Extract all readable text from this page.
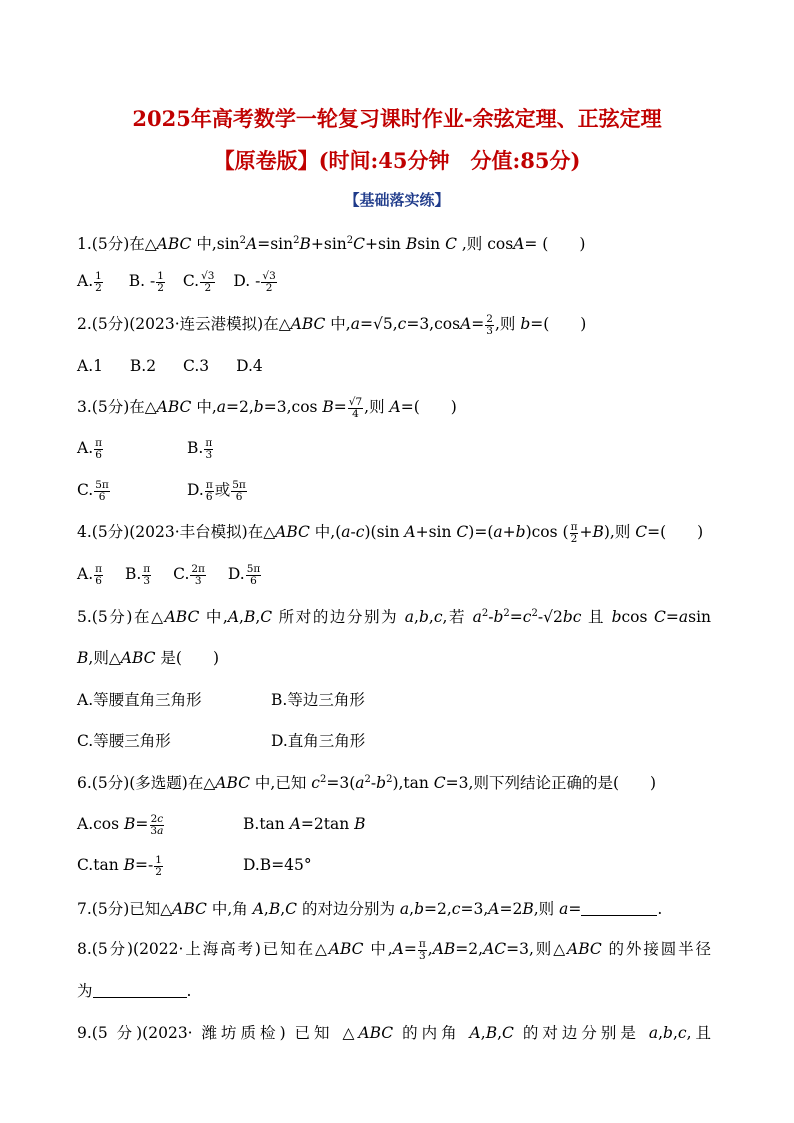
2025年高考数学一轮复习课时作业-余弦定理、正弦定理
【原卷版】(时间:45分钟　分值:85分)
【基础落实练】
1.(5分)在△ABC 中$,\sin^2A=\sin^2B+\sin^2C+\sin$ Bsin C ,则 cosA= (　　)
A. $\frac{1}{2} B$. - $\frac{1}{2} C$. $\frac{√3}{2} D$. - $\frac{√3}{2}$
2.(5分)(2023·连云港模拟)在△ABC 中$,a=√5,c=3,\cos A= \frac{2}{3}$ ,则 b=(　　)
A.1 B.2 C.3 D.4
3.(5分)在△ABC 中,a=2,b=3,cos $B= \frac{√7}{4}$ ,则 A=(　　)
A. $\frac{\pi}{6}$	B. $\frac{\pi}{3}$
C. $\frac{5\pi}{6}$	D. $\frac{\pi}{6}$ 或 $\frac{5\pi}{6}$
4.(5分)(2023·丰台模拟)在△ABC 中,(a-c)(sin A+sin C)=(a+b)cos ( $\frac{\pi}{2} +B$),则 C=(　　)
A. $\frac{\pi}{6} B$. $\frac{\pi}{3} C$. $\frac{2\pi}{3} D$. $\frac{5\pi}{6}$
5.(5分)在△ABC 中,A,B,C 所对的边分别为 a,b,c,若 $a^2-b^2=c^2-√2bc$ 且 bcos C=asin
B,则△ABC 是(　　)
A.等腰直角三角形	B.等边三角形
C.等腰三角形	D.直角三角形
6.(5分)(多选题)在△ABC 中,已知 $c^2=3(a^2-b^2),\tan$ C=3,则下列结论正确的是(　　)
A.cos $B= \frac{2c}{3a}$	B.tan A=2tan B
C.tan $B=- \frac{1}{2}$	D.B=45°
7.(5分)已知△ABC 中,角 A,B,C 的对边分别为 a,b=2,c=3,A=2B,则 a=	.
8.(5分)(2022·上海高考)已知在△ABC 中$,A= \frac{\pi}{3} ,AB=2,AC=3$,则△ABC 的外接圆半径
为	.
9.(5 分)(2023· 潍坊质检) 已知 △ABC 的内角 A,B,C 的对边分别是 a,b,c,且
